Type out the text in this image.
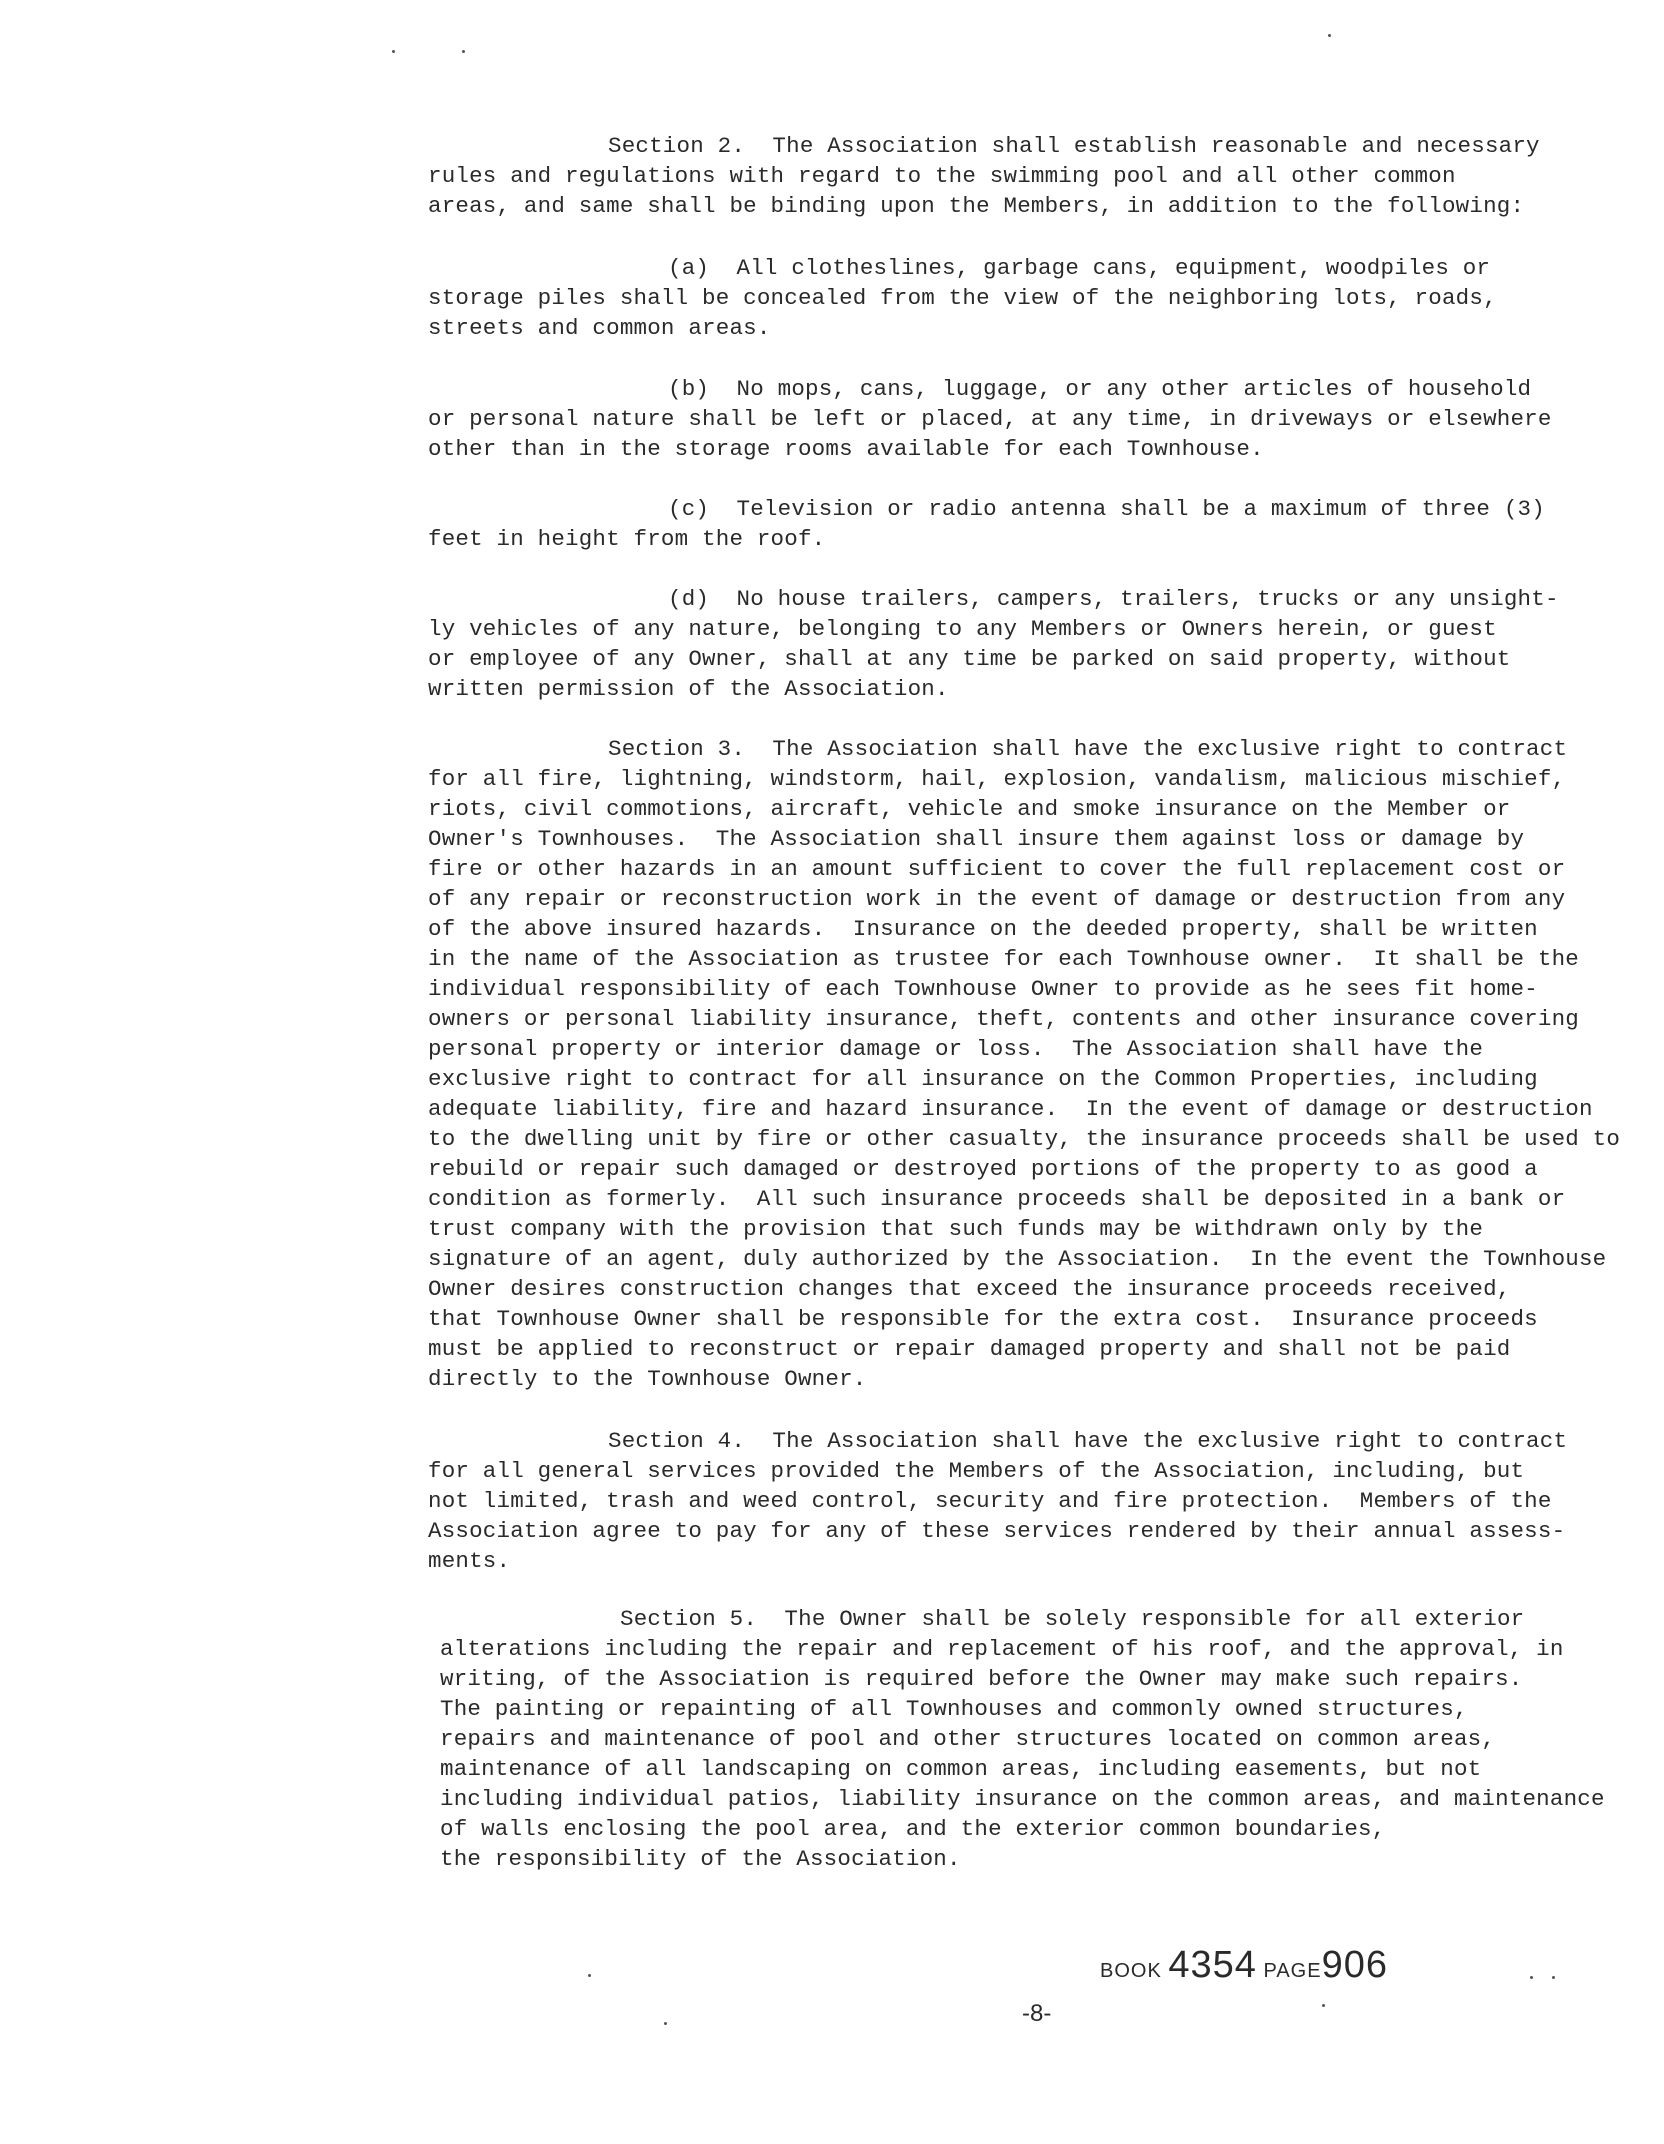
Section 2.  The Association shall establish reasonable and necessary
rules and regulations with regard to the swimming pool and all other common
areas, and same shall be binding upon the Members, in addition to the following:
(a)  All clotheslines, garbage cans, equipment, woodpiles or
storage piles shall be concealed from the view of the neighboring lots, roads,
streets and common areas.
(b)  No mops, cans, luggage, or any other articles of household
or personal nature shall be left or placed, at any time, in driveways or elsewhere
other than in the storage rooms available for each Townhouse.
(c)  Television or radio antenna shall be a maximum of three (3)
feet in height from the roof.
(d)  No house trailers, campers, trailers, trucks or any unsight-
ly vehicles of any nature, belonging to any Members or Owners herein, or guest
or employee of any Owner, shall at any time be parked on said property, without
written permission of the Association.
Section 3.  The Association shall have the exclusive right to contract
for all fire, lightning, windstorm, hail, explosion, vandalism, malicious mischief,
riots, civil commotions, aircraft, vehicle and smoke insurance on the Member or
Owner's Townhouses.  The Association shall insure them against loss or damage by
fire or other hazards in an amount sufficient to cover the full replacement cost or
of any repair or reconstruction work in the event of damage or destruction from any
of the above insured hazards.  Insurance on the deeded property, shall be written
in the name of the Association as trustee for each Townhouse owner.  It shall be the
individual responsibility of each Townhouse Owner to provide as he sees fit home-
owners or personal liability insurance, theft, contents and other insurance covering
personal property or interior damage or loss.  The Association shall have the
exclusive right to contract for all insurance on the Common Properties, including
adequate liability, fire and hazard insurance.  In the event of damage or destruction
to the dwelling unit by fire or other casualty, the insurance proceeds shall be used to
rebuild or repair such damaged or destroyed portions of the property to as good a
condition as formerly.  All such insurance proceeds shall be deposited in a bank or
trust company with the provision that such funds may be withdrawn only by the
signature of an agent, duly authorized by the Association.  In the event the Townhouse
Owner desires construction changes that exceed the insurance proceeds received,
that Townhouse Owner shall be responsible for the extra cost.  Insurance proceeds
must be applied to reconstruct or repair damaged property and shall not be paid
directly to the Townhouse Owner.
Section 4.  The Association shall have the exclusive right to contract
for all general services provided the Members of the Association, including, but
not limited, trash and weed control, security and fire protection.  Members of the
Association agree to pay for any of these services rendered by their annual assess-
ments.
Section 5.  The Owner shall be solely responsible for all exterior
alterations including the repair and replacement of his roof, and the approval, in
writing, of the Association is required before the Owner may make such repairs.
The painting or repainting of all Townhouses and commonly owned structures,
repairs and maintenance of pool and other structures located on common areas,
maintenance of all landscaping on common areas, including easements, but not
including individual patios, liability insurance on the common areas, and maintenance
of walls enclosing the pool area, and the exterior common boundaries,
the responsibility of the Association.
BOOK 4354 PAGE906
-8-
